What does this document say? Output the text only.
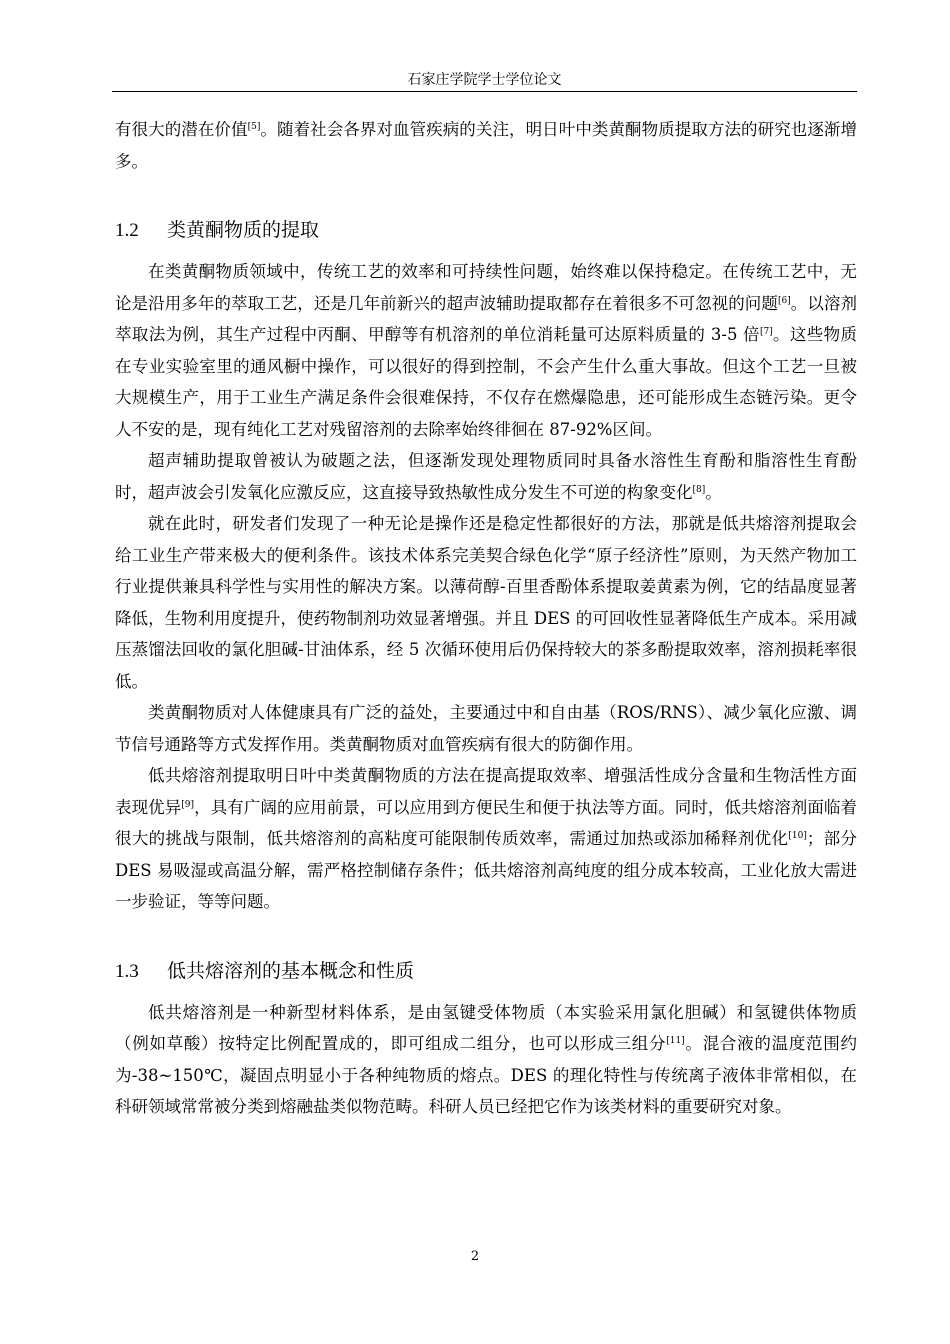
石家庄学院学士学位论文

有很大的潜在价值[5]。随着社会各界对血管疾病的关注，明日叶中类黄酮物质提取方法的研究也逐渐增多。

1.2 类黄酮物质的提取

在类黄酮物质领域中，传统工艺的效率和可持续性问题，始终难以保持稳定。在传统工艺中，无论是沿用多年的萃取工艺，还是几年前新兴的超声波辅助提取都存在着很多不可忽视的问题[6]。以溶剂萃取法为例，其生产过程中丙酮、甲醇等有机溶剂的单位消耗量可达原料质量的 3-5 倍[7]。这些物质在专业实验室里的通风橱中操作，可以很好的得到控制，不会产生什么重大事故。但这个工艺一旦被大规模生产，用于工业生产满足条件会很难保持，不仅存在燃爆隐患，还可能形成生态链污染。更令人不安的是，现有纯化工艺对残留溶剂的去除率始终徘徊在 87-92%区间。

超声辅助提取曾被认为破题之法，但逐渐发现处理物质同时具备水溶性生育酚和脂溶性生育酚时，超声波会引发氧化应激反应，这直接导致热敏性成分发生不可逆的构象变化[8]。

就在此时，研发者们发现了一种无论是操作还是稳定性都很好的方法，那就是低共熔溶剂提取会给工业生产带来极大的便利条件。该技术体系完美契合绿色化学“原子经济性”原则，为天然产物加工行业提供兼具科学性与实用性的解决方案。以薄荷醇-百里香酚体系提取姜黄素为例，它的结晶度显著降低，生物利用度提升，使药物制剂功效显著增强。并且 DES 的可回收性显著降低生产成本。采用减压蒸馏法回收的氯化胆碱-甘油体系，经 5 次循环使用后仍保持较大的茶多酚提取效率，溶剂损耗率很低。

类黄酮物质对人体健康具有广泛的益处，主要通过中和自由基（ROS/RNS）、减少氧化应激、调节信号通路等方式发挥作用。类黄酮物质对血管疾病有很大的防御作用。

低共熔溶剂提取明日叶中类黄酮物质的方法在提高提取效率、增强活性成分含量和生物活性方面表现优异[9]，具有广阔的应用前景，可以应用到方便民生和便于执法等方面。同时，低共熔溶剂面临着很大的挑战与限制，低共熔溶剂的高粘度可能限制传质效率，需通过加热或添加稀释剂优化[10]；部分 DES 易吸湿或高温分解，需严格控制储存条件；低共熔溶剂高纯度的组分成本较高，工业化放大需进一步验证，等等问题。

1.3 低共熔溶剂的基本概念和性质

低共熔溶剂是一种新型材料体系，是由氢键受体物质（本实验采用氯化胆碱）和氢键供体物质（例如草酸）按特定比例配置成的，即可组成二组分，也可以形成三组分[11]。混合液的温度范围约为-38~150℃，凝固点明显小于各种纯物质的熔点。DES 的理化特性与传统离子液体非常相似，在科研领域常常被分类到熔融盐类似物范畴。科研人员已经把它作为该类材料的重要研究对象。

2
